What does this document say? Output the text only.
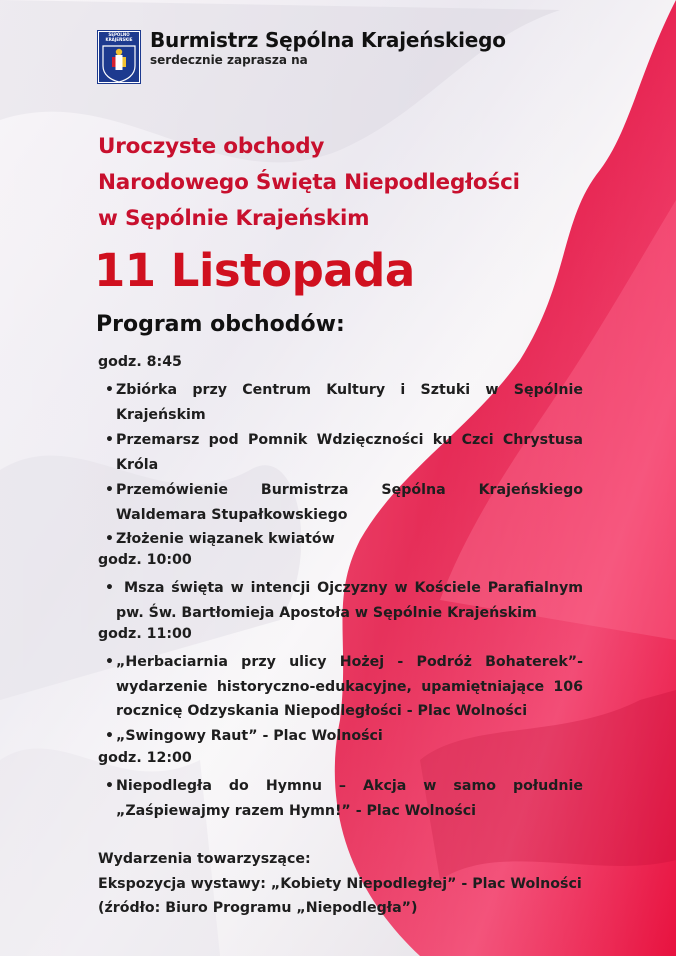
SĘPÓLNO KRAJEŃSKIE Burmistrz Sępólna Krajeńskiego
serdecznie zaprasza na
Uroczyste obchody
Narodowego Święta Niepodległości
w Sępólnie Krajeńskim
11 Listopada
Program obchodów:
godz. 8:45
• Zbiórka przy Centrum Kultury i Sztuki w Sępólnie Krajeńskim
• Przemarsz pod Pomnik Wdzięczności ku Czci Chrystusa Króla
• Przemówienie Burmistrza Sępólna Krajeńskiego Waldemara Stupałkowskiego
• Złożenie wiązanek kwiatów
godz. 10:00
• Msza święta w intencji Ojczyzny w Kościele Parafialnym pw. Św. Bartłomieja Apostoła w Sępólnie Krajeńskim
godz. 11:00
• „Herbaciarnia przy ulicy Hożej - Podróż Bohaterek”- wydarzenie historyczno-edukacyjne, upamiętniające 106 rocznicę Odzyskania Niepodległości - Plac Wolności
• „Swingowy Raut” - Plac Wolności
godz. 12:00
• Niepodległa do Hymnu – Akcja w samo południe „Zaśpiewajmy razem Hymn!” - Plac Wolności
Wydarzenia towarzyszące:
Ekspozycja wystawy: „Kobiety Niepodległej” - Plac Wolności
(źródło: Biuro Programu „Niepodległa”)
